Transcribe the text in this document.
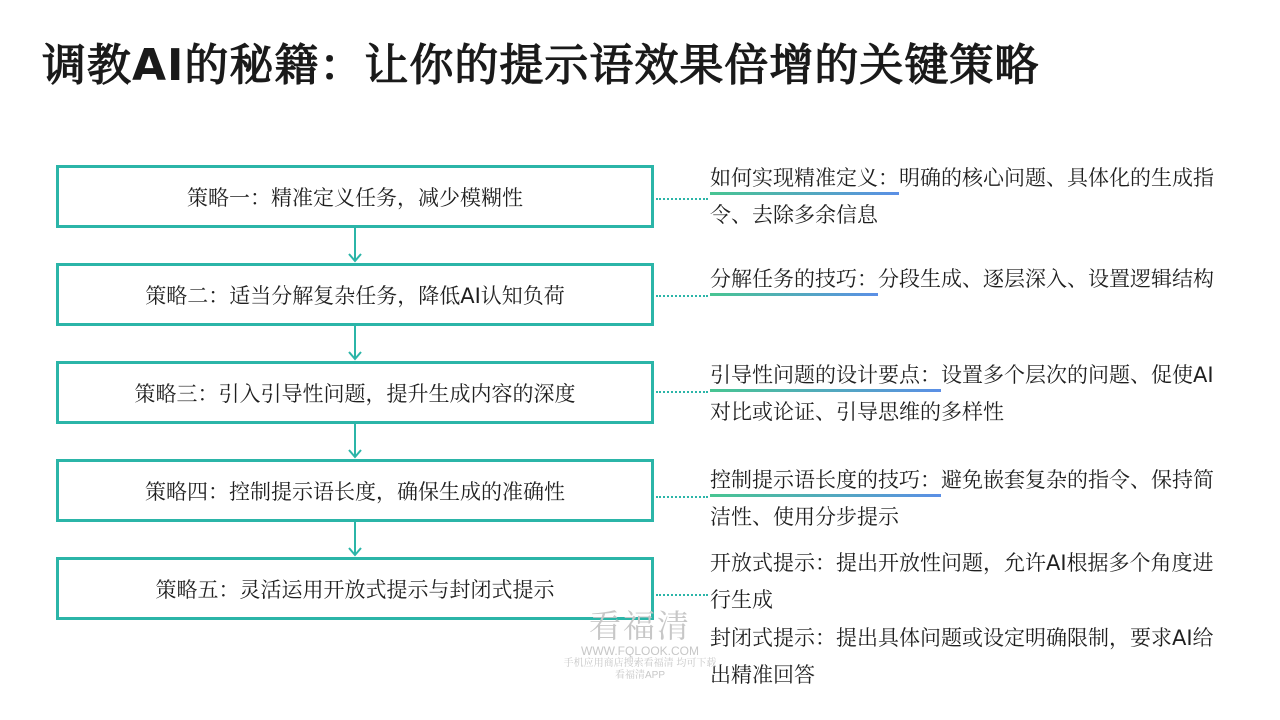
调教AI的秘籍：让你的提示语效果倍增的关键策略
策略一：精准定义任务，减少模糊性
策略二：适当分解复杂任务，降低AI认知负荷
策略三：引入引导性问题，提升生成内容的深度
策略四：控制提示语长度，确保生成的准确性
策略五：灵活运用开放式提示与封闭式提示
如何实现精准定义：
明确的核心问题、具体化的生成指令、去除多余信息
分解任务的技巧：
分段生成、逐层深入、设置逻辑结构
引导性问题的设计要点：
设置多个层次的问题、促使AI对比或论证、引导思维的多样性
控制提示语长度的技巧：
避免嵌套复杂的指令、保持简洁性、使用分步提示
开放式提示：提出开放性问题，允许AI根据多个角度进行生成
封闭式提示：提出具体问题或设定明确限制，要求AI给出精准回答
看福清
WWW.FQLOOK.COM
手机应用商店搜索看福清 均可下载看福清APP
